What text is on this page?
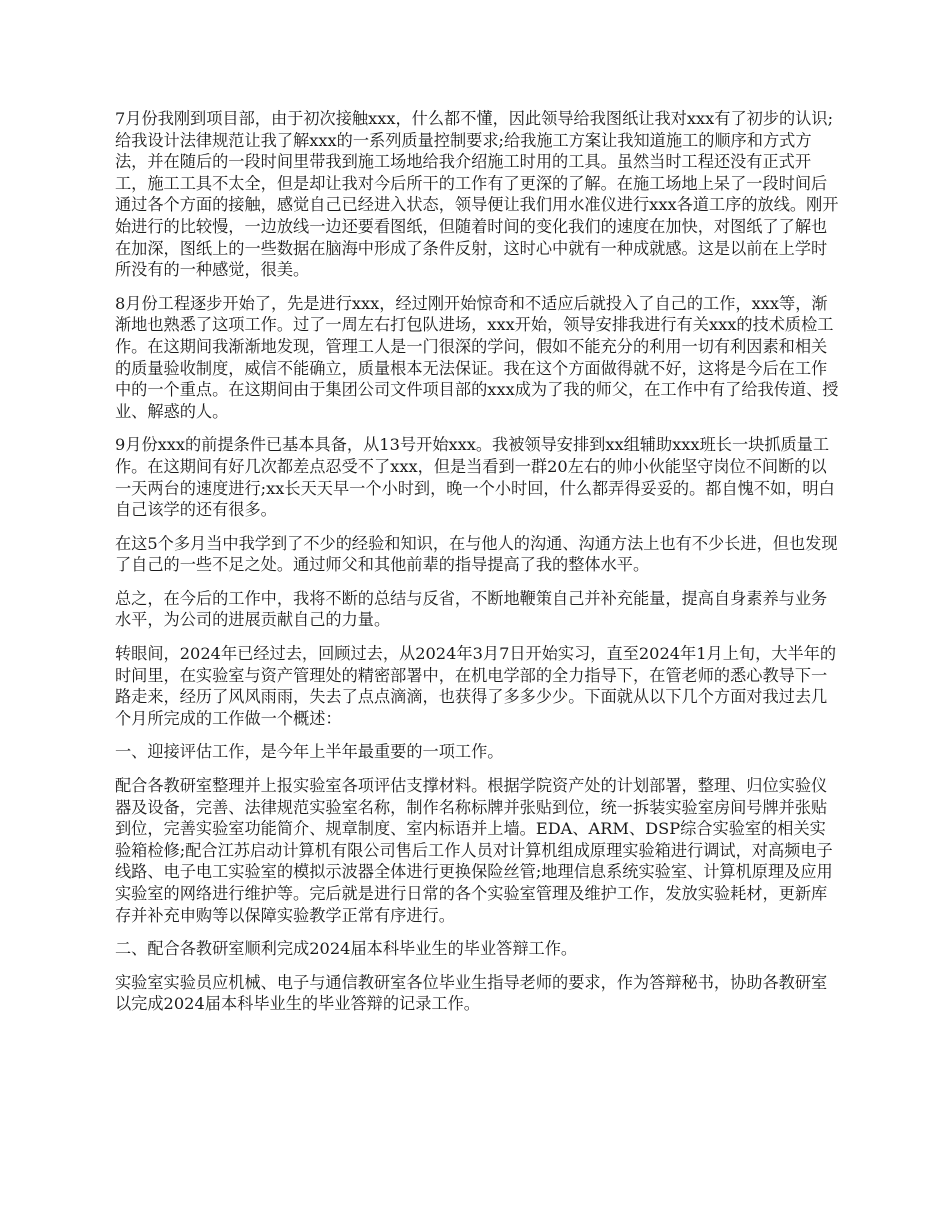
7月份我刚到项目部，由于初次接触xxx，什么都不懂，因此领导给我图纸让我对xxx有了初步的认识;给我设计法律规范让我了解xxx的一系列质量控制要求;给我施工方案让我知道施工的顺序和方式方法，并在随后的一段时间里带我到施工场地给我介绍施工时用的工具。虽然当时工程还没有正式开工，施工工具不太全，但是却让我对今后所干的工作有了更深的了解。在施工场地上呆了一段时间后通过各个方面的接触，感觉自己已经进入状态，领导便让我们用水准仪进行xxx各道工序的放线。刚开始进行的比较慢，一边放线一边还要看图纸，但随着时间的变化我们的速度在加快，对图纸了了解也在加深，图纸上的一些数据在脑海中形成了条件反射，这时心中就有一种成就感。这是以前在上学时所没有的一种感觉，很美。

8月份工程逐步开始了，先是进行xxx，经过刚开始惊奇和不适应后就投入了自己的工作，xxx等，渐渐地也熟悉了这项工作。过了一周左右打包队进场，xxx开始，领导安排我进行有关xxx的技术质检工作。在这期间我渐渐地发现，管理工人是一门很深的学问，假如不能充分的利用一切有利因素和相关的质量验收制度，威信不能确立，质量根本无法保证。我在这个方面做得就不好，这将是今后在工作中的一个重点。在这期间由于集团公司文件项目部的xxx成为了我的师父，在工作中有了给我传道、授业、解惑的人。

9月份xxx的前提条件已基本具备，从13号开始xxx。我被领导安排到xx组辅助xxx班长一块抓质量工作。在这期间有好几次都差点忍受不了xxx，但是当看到一群20左右的帅小伙能坚守岗位不间断的以一天两台的速度进行;xx长天天早一个小时到，晚一个小时回，什么都弄得妥妥的。都自愧不如，明白自己该学的还有很多。

在这5个多月当中我学到了不少的经验和知识，在与他人的沟通、沟通方法上也有不少长进，但也发现了自己的一些不足之处。通过师父和其他前辈的指导提高了我的整体水平。

总之，在今后的工作中，我将不断的总结与反省，不断地鞭策自己并补充能量，提高自身素养与业务水平，为公司的进展贡献自己的力量。

转眼间，2024年已经过去，回顾过去，从2024年3月7日开始实习，直至2024年1月上旬，大半年的时间里，在实验室与资产管理处的精密部署中，在机电学部的全力指导下，在管老师的悉心教导下一路走来，经历了风风雨雨，失去了点点滴滴，也获得了多多少少。下面就从以下几个方面对我过去几个月所完成的工作做一个概述：

一、迎接评估工作，是今年上半年最重要的一项工作。

配合各教研室整理并上报实验室各项评估支撑材料。根据学院资产处的计划部署，整理、归位实验仪器及设备，完善、法律规范实验室名称，制作名称标牌并张贴到位，统一拆装实验室房间号牌并张贴到位，完善实验室功能简介、规章制度、室内标语并上墙。EDA、ARM、DSP综合实验室的相关实验箱检修;配合江苏启动计算机有限公司售后工作人员对计算机组成原理实验箱进行调试，对高频电子线路、电子电工实验室的模拟示波器全体进行更换保险丝管;地理信息系统实验室、计算机原理及应用实验室的网络进行维护等。完后就是进行日常的各个实验室管理及维护工作，发放实验耗材，更新库存并补充申购等以保障实验教学正常有序进行。

二、配合各教研室顺利完成2024届本科毕业生的毕业答辩工作。

实验室实验员应机械、电子与通信教研室各位毕业生指导老师的要求，作为答辩秘书，协助各教研室以完成2024届本科毕业生的毕业答辩的记录工作。
